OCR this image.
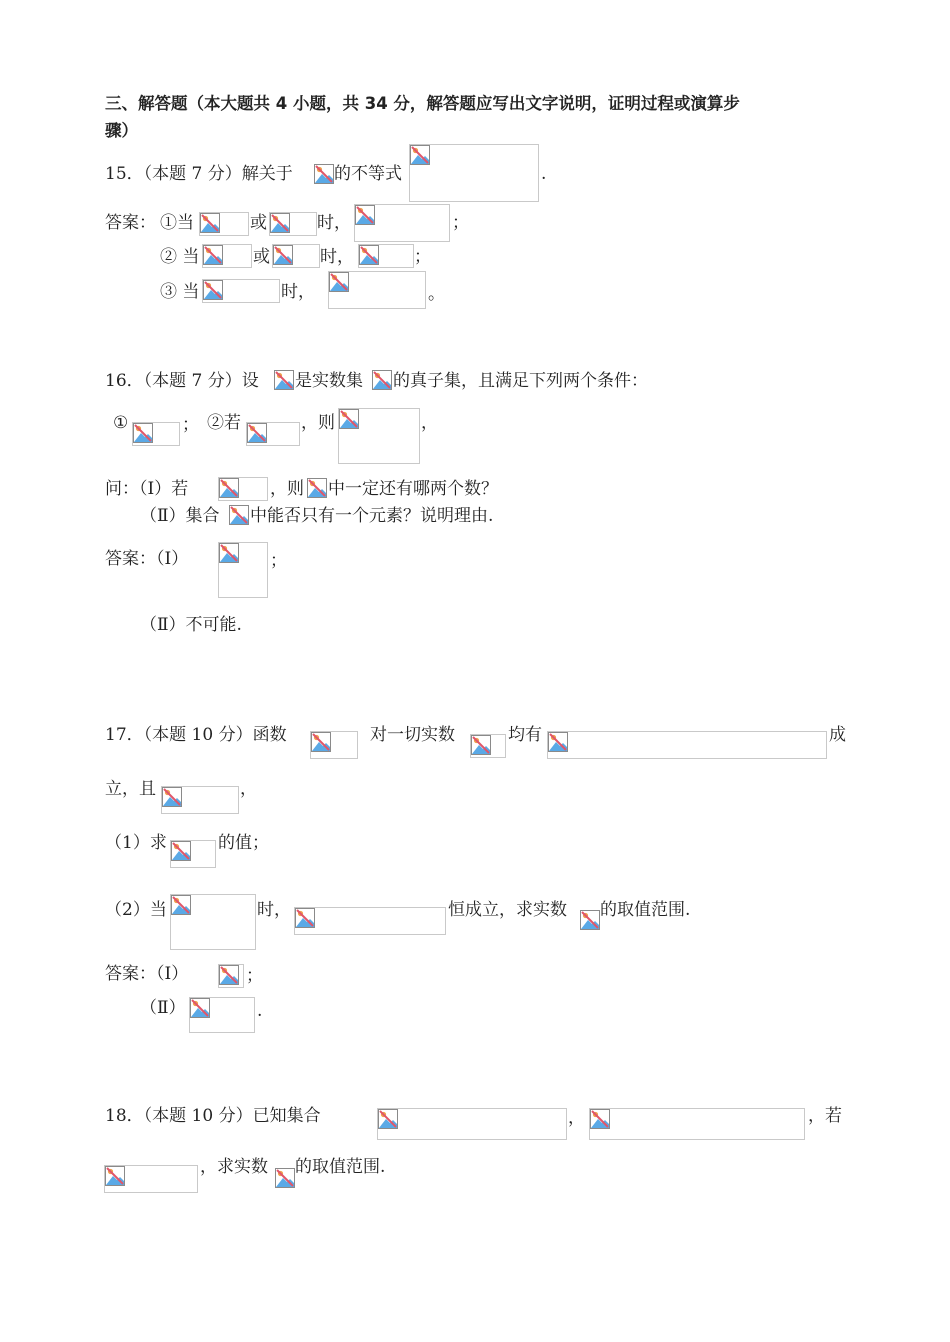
三、解答题（本大题共 4 小题，共 34 分，解答题应写出文字说明，证明过程或演算步
骤）
15．（本题 7 分）解关于 的不等式	.
答案： ①当	或	时，	；
② 当	或	时，	；
③ 当	时，	。
16．（本题 7 分）设 是实数集 的真子集，且满足下列两个条件：
①	； ②若	，则	，
问：（Ⅰ）若	，则 中一定还有哪两个数？
（Ⅱ）集合 中能否只有一个元素？说明理由.
答案：（Ⅰ）	；
（Ⅱ）不可能.
17．（本题 10 分）函数	对一切实数	均有	成
立，且	，
（1）求	的值；
（2）当	时，	恒成立，求实数 的取值范围.
答案：（Ⅰ）	；
（Ⅱ）	.
18．（本题 10 分）已知集合	，	，若
，求实数 的取值范围.
